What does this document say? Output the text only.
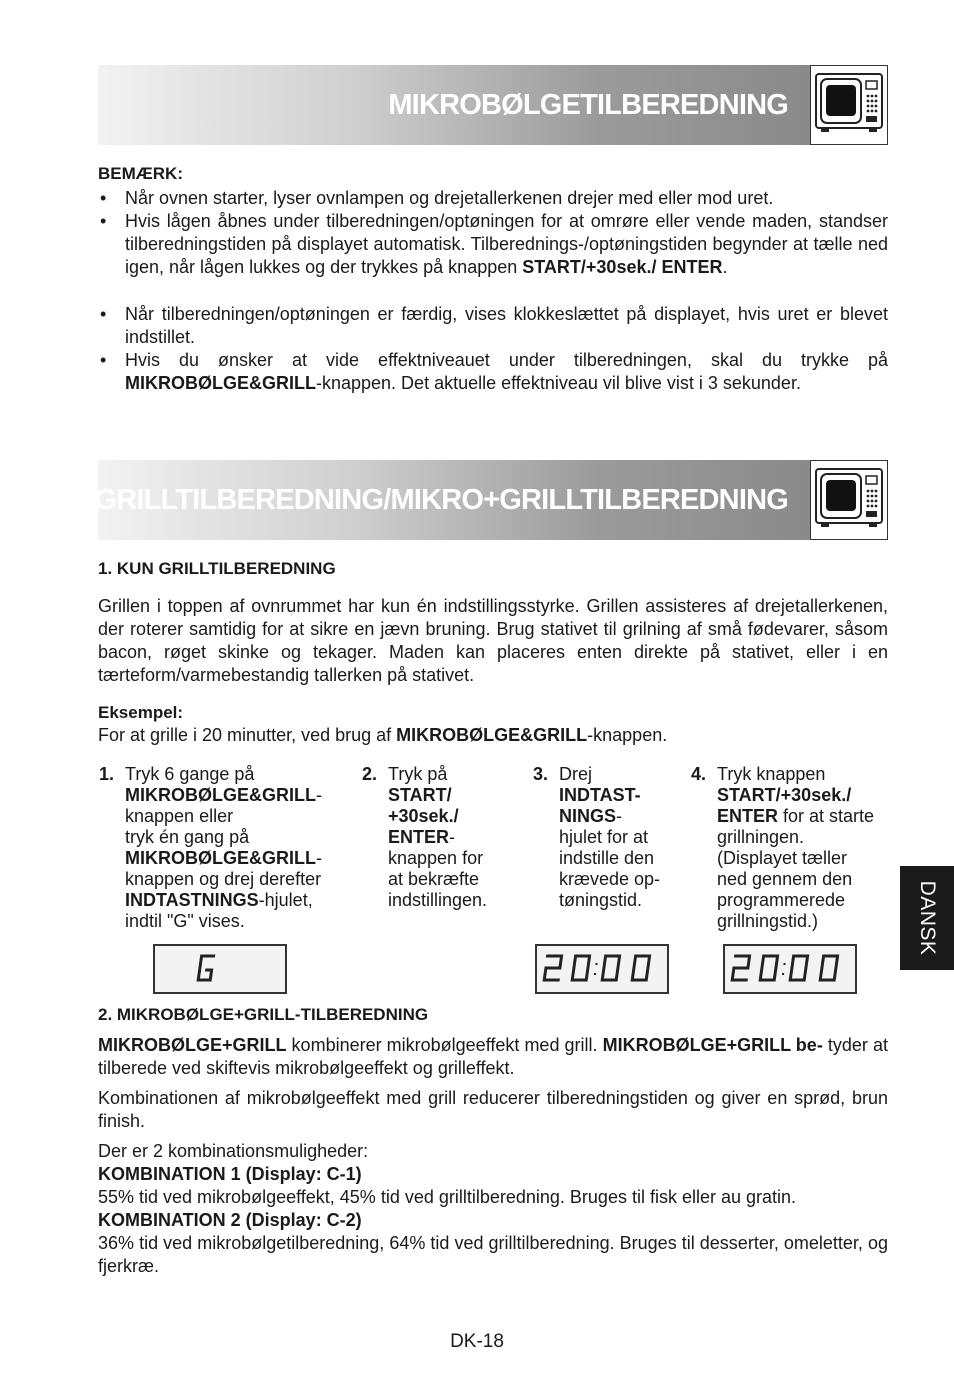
MIKROBØLGETILBEREDNING
BEMÆRK:
• Når ovnen starter, lyser ovnlampen og drejetallerkenen drejer med eller mod uret.
• Hvis lågen åbnes under tilberedningen/optøningen for at omrøre eller vende maden, standser tilberedningstiden på displayet automatisk. Tilberednings-/optøningstiden begynder at tælle ned igen, når lågen lukkes og der trykkes på knappen START/+30sek./ ENTER.
• Når tilberedningen/optøningen er færdig, vises klokkeslættet på displayet, hvis uret er blevet indstillet.
• Hvis du ønsker at vide effektniveauet under tilberedningen, skal du trykke på MIKROBØLGE&GRILL-knappen. Det aktuelle effektniveau vil blive vist i 3 sekunder.
GRILLTILBEREDNING/MIKRO+GRILLTILBEREDNING
1. KUN GRILLTILBEREDNING
Grillen i toppen af ovnrummet har kun én indstillingsstyrke. Grillen assisteres af drejetallerkenen, der roterer samtidig for at sikre en jævn bruning. Brug stativet til grilning af små fødevarer, såsom bacon, røget skinke og tekager. Maden kan placeres enten direkte på stativet, eller i en tærteform/varmebestandig tallerken på stativet.
Eksempel:
For at grille i 20 minutter, ved brug af MIKROBØLGE&GRILL-knappen.
1. Tryk 6 gange på
MIKROBØLGE&GRILL-
knappen eller
tryk én gang på
MIKROBØLGE&GRILL-
knappen og drej derefter
INDTASTNINGS-hjulet,
indtil "G" vises.
2. Tryk på
START/
+30sek./
ENTER-
knappen for
at bekræfte
indstillingen.
3. Drej
INDTAST-
NINGS-
hjulet for at
indstille den
krævede op-
tøningstid.
4. Tryk knappen
START/+30sek./
ENTER for at starte
grillningen.
(Displayet tæller
ned gennem den
programmerede
grillningstid.)
G	20:00	20:00
2. MIKROBØLGE+GRILL-TILBEREDNING
MIKROBØLGE+GRILL kombinerer mikrobølgeeffekt med grill. MIKROBØLGE+GRILL be- tyder at tilberede ved skiftevis mikrobølgeeffekt og grilleffekt.
Kombinationen af mikrobølgeeffekt med grill reducerer tilberedningstiden og giver en sprød, brun finish.
Der er 2 kombinationsmuligheder:
KOMBINATION 1 (Display: C-1)
55% tid ved mikrobølgeeffekt, 45% tid ved grilltilberedning. Bruges til fisk eller au gratin.
KOMBINATION 2 (Display: C-2)
36% tid ved mikrobølgetilberedning, 64% tid ved grilltilberedning. Bruges til desserter, omeletter, og fjerkræ.
DANSK
DK-18
